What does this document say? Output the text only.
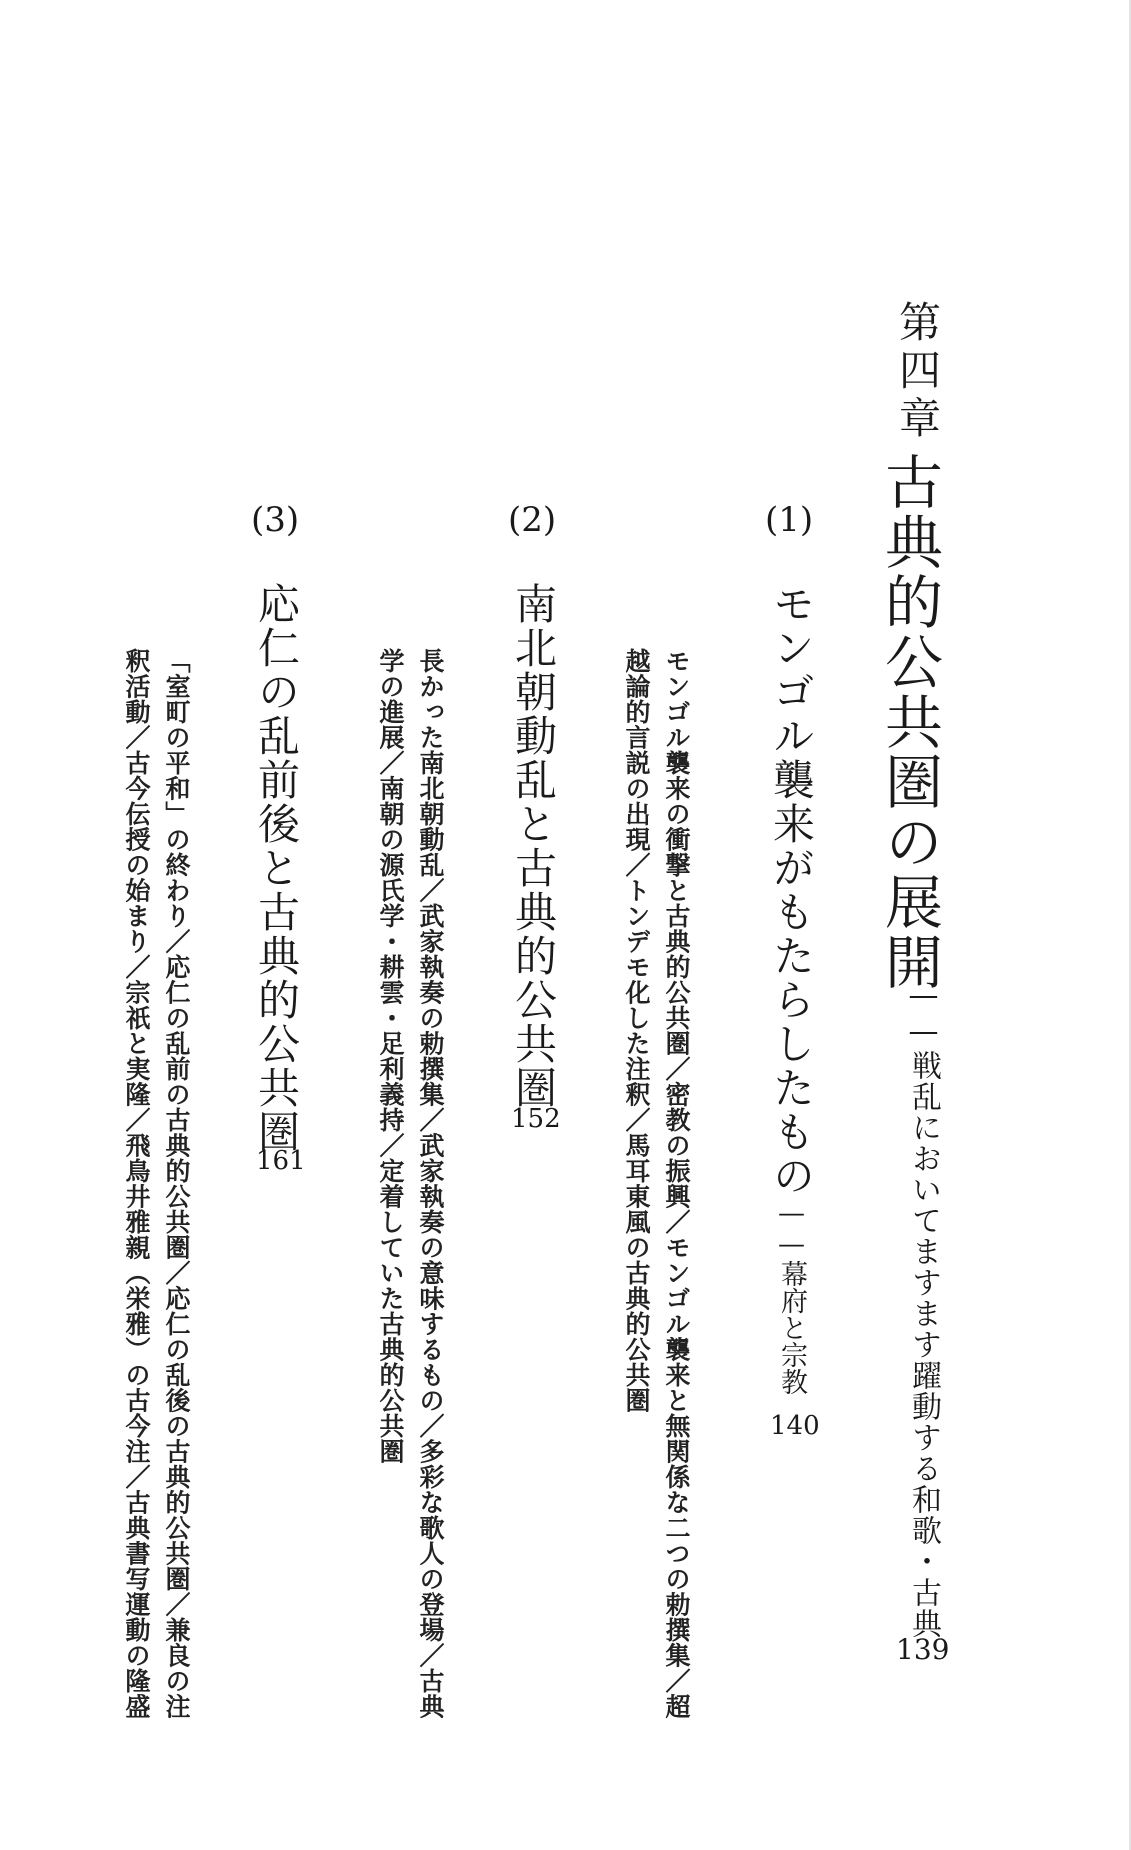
第四章
古典的公共圏の展開
——戦乱においてますます躍動する和歌・古典
139
(1)
モンゴル襲来がもたらしたもの
——幕府と宗教
140
モンゴル襲来の衝撃と古典的公共圏／密教の振興／モンゴル襲来と無関係な二つの勅撰集／超越論的言説の出現／トンデモ化した注釈／馬耳東風の古典的公共圏
(2)
南北朝動乱と古典的公共圏
152
長かった南北朝動乱／武家執奏の勅撰集／武家執奏の意味するもの／多彩な歌人の登場／古典学の進展／南朝の源氏学・耕雲・足利義持／定着していた古典的公共圏
(3)
応仁の乱前後と古典的公共圏
161
「室町の平和」の終わり／応仁の乱前の古典的公共圏／応仁の乱後の古典的公共圏／兼良の注釈活動／古今伝授の始まり／宗祇と実隆／飛鳥井雅親（栄雅）の古今注／古典書写運動の隆盛
